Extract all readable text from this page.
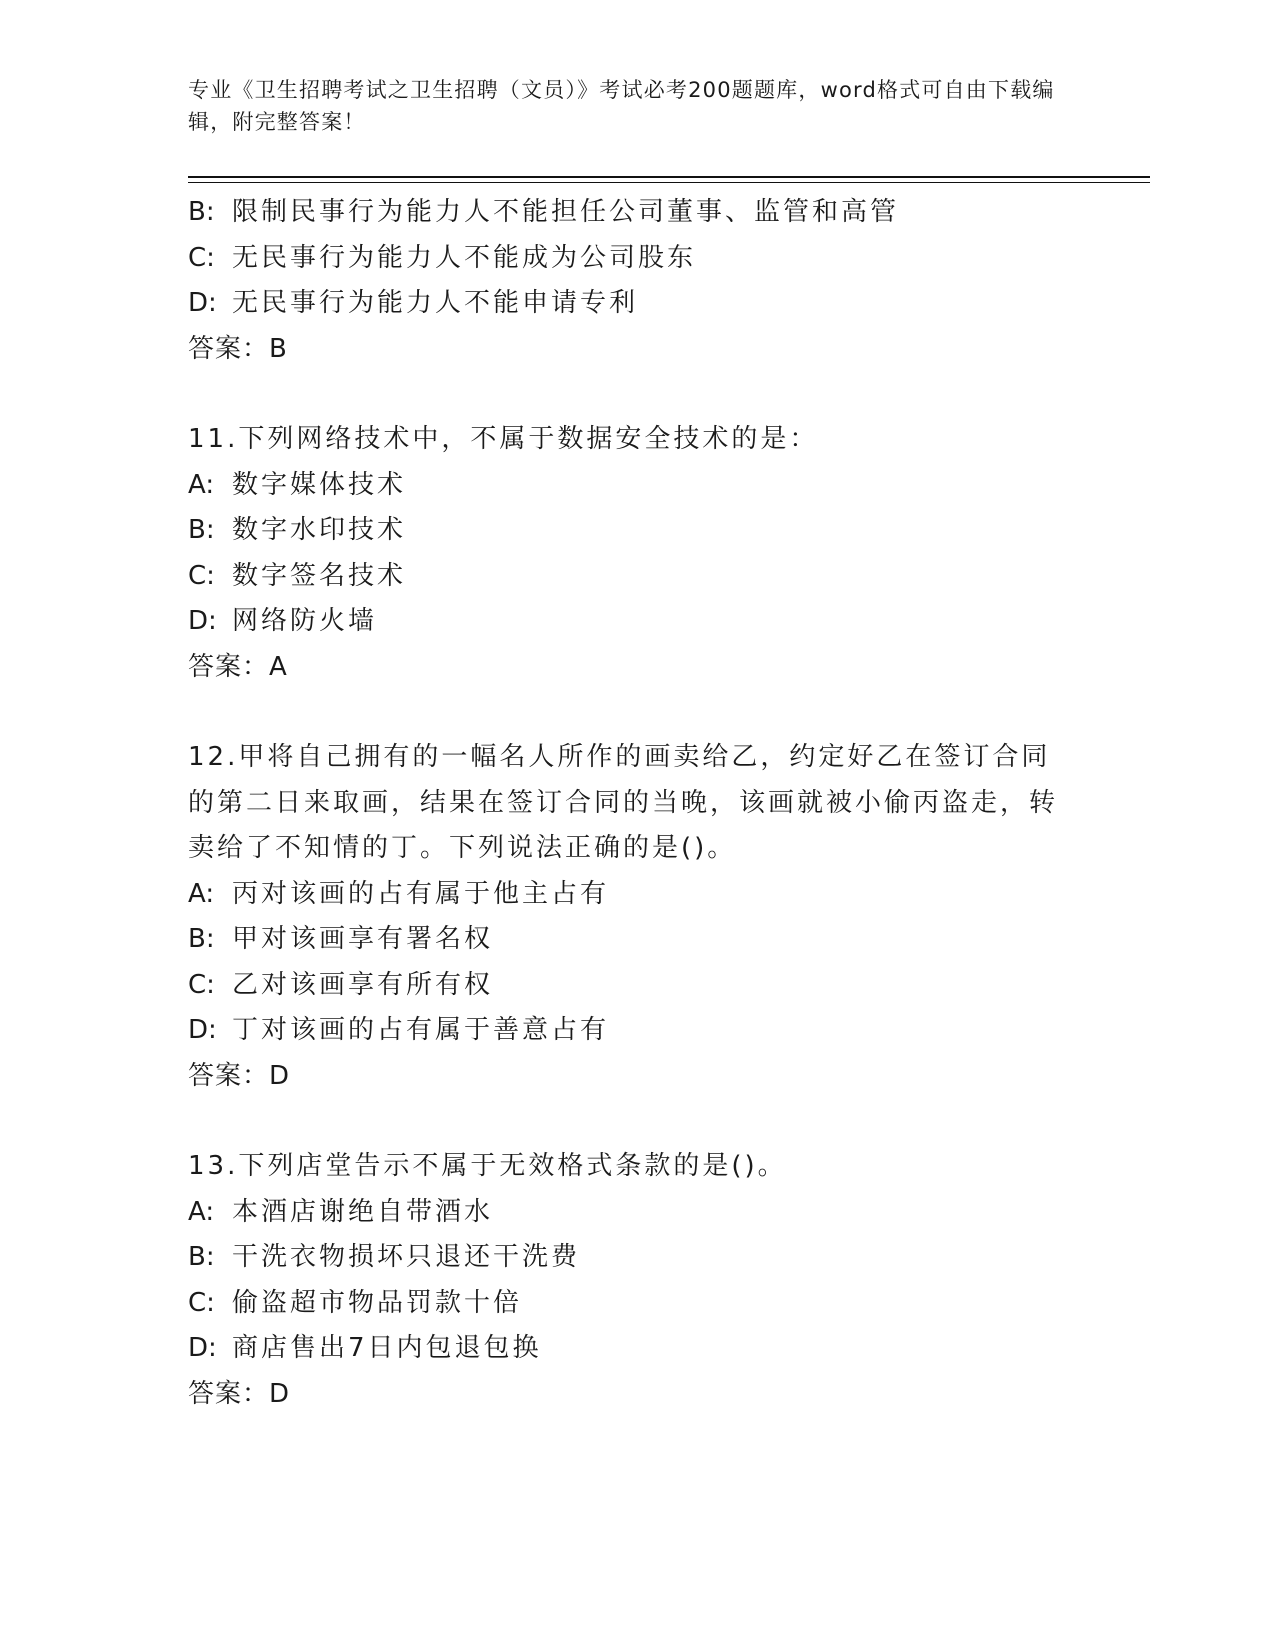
专业《卫生招聘考试之卫生招聘（文员）》考试必考200题题库，word格式可自由下载编辑，附完整答案！
B: 限制民事行为能力人不能担任公司董事、监管和高管
C: 无民事行为能力人不能成为公司股东
D: 无民事行为能力人不能申请专利
答案：B
11.下列网络技术中，不属于数据安全技术的是：
A: 数字媒体技术
B: 数字水印技术
C: 数字签名技术
D: 网络防火墙
答案：A
12.甲将自己拥有的一幅名人所作的画卖给乙，约定好乙在签订合同的第二日来取画，结果在签订合同的当晚，该画就被小偷丙盗走，转卖给了不知情的丁。下列说法正确的是()。
A: 丙对该画的占有属于他主占有
B: 甲对该画享有署名权
C: 乙对该画享有所有权
D: 丁对该画的占有属于善意占有
答案：D
13.下列店堂告示不属于无效格式条款的是()。
A: 本酒店谢绝自带酒水
B: 干洗衣物损坏只退还干洗费
C: 偷盗超市物品罚款十倍
D: 商店售出7日内包退包换
答案：D
